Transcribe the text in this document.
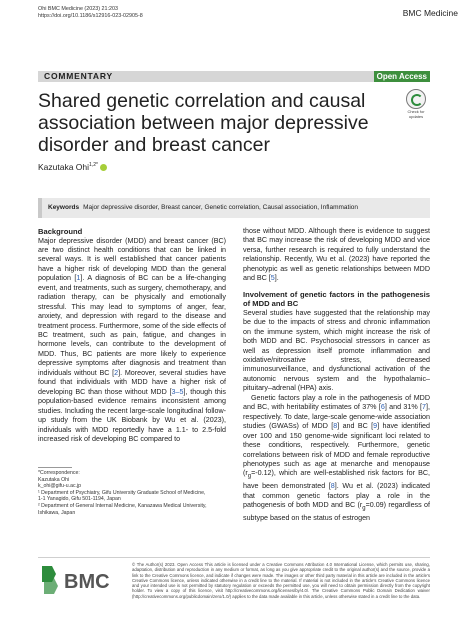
Ohi BMC Medicine (2023) 21:203
https://doi.org/10.1186/s12916-023-02905-8	BMC Medicine
COMMENTARY	Open Access
Shared genetic correlation and causal association between major depressive disorder and breast cancer
Check for updates
Kazutaka Ohi$^{1,2*}$
Keywords Major depressive disorder, Breast cancer, Genetic correlation, Causal association, Inflammation

Background

Major depressive disorder (MDD) and breast cancer (BC) are two distinct health conditions that can be linked in several ways. It is well established that cancer patients have a higher risk of developing MDD than the general population [1]. A diagnosis of BC can be a life-changing event, and treatments, such as surgery, chemotherapy, and radiation therapy, can be physically and emotionally stressful. This may lead to symptoms of anger, fear, anxiety, and depression with regard to the disease and treatment process. Furthermore, some of the side effects of BC treatment, such as pain, fatigue, and changes in hormone levels, can contribute to the development of MDD. Thus, BC patients are more likely to experience depressive symptoms after diagnosis and treatment than individuals without BC [2]. Moreover, several studies have found that individuals with MDD have a higher risk of developing BC than those without MDD [3–5], though this population-based evidence remains inconsistent among studies. Including the recent large-scale longitudinal follow-up study from the UK Biobank by Wu et al. (2023), individuals with MDD reportedly have a 1.1- to 2.5-fold increased risk of developing BC compared to

those without MDD. Although there is evidence to suggest that BC may increase the risk of developing MDD and vice versa, further research is required to fully understand the relationship. Recently, Wu et al. (2023) have reported the phenotypic as well as genetic relationships between MDD and BC [5].

Involvement of genetic factors in the pathogenesis of MDD and BC

Several studies have suggested that the relationship may be due to the impacts of stress and chronic inflammation on the immune system, which might increase the risk of both MDD and BC. Psychosocial stressors in cancer as well as depression itself promote inflammation and oxidative/nitrosative stress, decreased immunosurveillance, and dysfunctional activation of the autonomic nervous system and the hypothalamic–pituitary–adrenal (HPA) axis.

Genetic factors play a role in the pathogenesis of MDD and BC, with heritability estimates of 37% [6] and 31% [7], respectively. To date, large-scale genome-wide association studies (GWASs) of MDD [8] and BC [9] have identified over 100 and 150 genome-wide significant loci related to these conditions, respectively. Furthermore, genetic correlations between risk of MDD and female reproductive phenotypes such as age at menarche and menopause $(r_g=-0.12)$, which are well-established risk factors for BC, have been demonstrated [8]. Wu et al. (2023) indicated that common genetic factors play a role in the pathogenesis of both MDD and BC $(r_g=0.09)$ regardless of subtype based on the status of estrogen

*Correspondence:
Kazutaka Ohi
k_ohi@gifu-u.ac.jp
¹ Department of Psychiatry, Gifu University Graduate School of Medicine,
1-1 Yanagido, Gifu 501-1194, Japan
² Department of General Internal Medicine, Kanazawa Medical University,
Ishikawa, Japan
BMC
© The Author(s) 2023. Open Access This article is licensed under a Creative Commons Attribution 4.0 International License, which permits use, sharing, adaptation, distribution and reproduction in any medium or format, as long as you give appropriate credit to the original author(s) and the source, provide a link to the Creative Commons licence, and indicate if changes were made. The images or other third party material in this article are included in the article's Creative Commons licence, unless indicated otherwise in a credit line to the material. If material is not included in the article's Creative Commons licence and your intended use is not permitted by statutory regulation or exceeds the permitted use, you will need to obtain permission directly from the copyright holder. To view a copy of this licence, visit http://creativecommons.org/licenses/by/4.0/. The Creative Commons Public Domain Dedication waiver (http://creativecommons.org/publicdomain/zero/1.0/) applies to the data made available in this article, unless otherwise stated in a credit line to the data.
